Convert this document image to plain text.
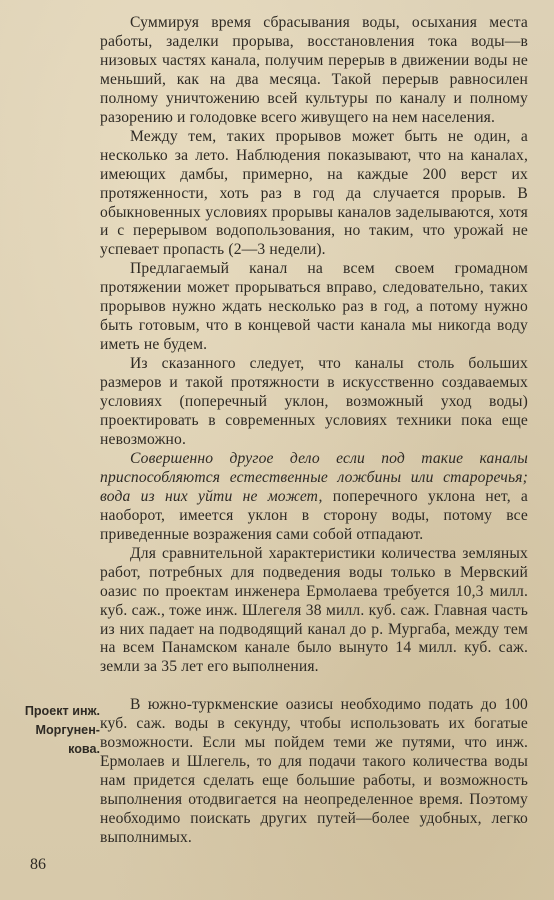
Суммируя время сбрасывания воды, осыхания места работы, заделки прорыва, восстановления тока воды—в низовых частях канала, получим перерыв в движении воды не меньший, как на два месяца. Такой перерыв равносилен полному уничтожению всей культуры по каналу и полному разорению и голодовке всего живущего на нем населения.

Между тем, таких прорывов может быть не один, а несколько за лето. Наблюдения показывают, что на каналах, имеющих дамбы, примерно, на каждые 200 верст их протяженности, хоть раз в год да случается прорыв. В обыкновенных условиях прорывы каналов заделываются, хотя и с перерывом водопользования, но таким, что урожай не успевает пропасть (2—3 недели).

Предлагаемый канал на всем своем громадном протяжении может прорываться вправо, следовательно, таких прорывов нужно ждать несколько раз в год, а потому нужно быть готовым, что в концевой части канала мы никогда воду иметь не будем.

Из сказанного следует, что каналы столь больших размеров и такой протяжности в искусственно создаваемых условиях (поперечный уклон, возможный уход воды) проектировать в современных условиях техники пока еще невозможно.

Совершенно другое дело если под такие каналы приспособляются естественные ложбины или староречья; вода из них уйти не может, поперечного уклона нет, а наоборот, имеется уклон в сторону воды, потому все приведенные возражения сами собой отпадают.

Для сравнительной характеристики количества земляных работ, потребных для подведения воды только в Мервский оазис по проектам инженера Ермолаева требуется 10,3 милл. куб. саж., тоже инж. Шлегеля 38 милл. куб. саж. Главная часть из них падает на подводящий канал до р. Мургаба, между тем на всем Панамском канале было вынуто 14 милл. куб. саж. земли за 35 лет его выполнения.

Проект инж.
Моргунен-
кова.

В южно-туркменские оазисы необходимо подать до 100 куб. саж. воды в секунду, чтобы использовать их богатые возможности. Если мы пойдем теми же путями, что инж. Ермолаев и Шлегель, то для подачи такого количества воды нам придется сделать еще большие работы, и возможность выполнения отодвигается на неопределенное время. Поэтому необходимо поискать других путей—более удобных, легко выполнимых.

86
